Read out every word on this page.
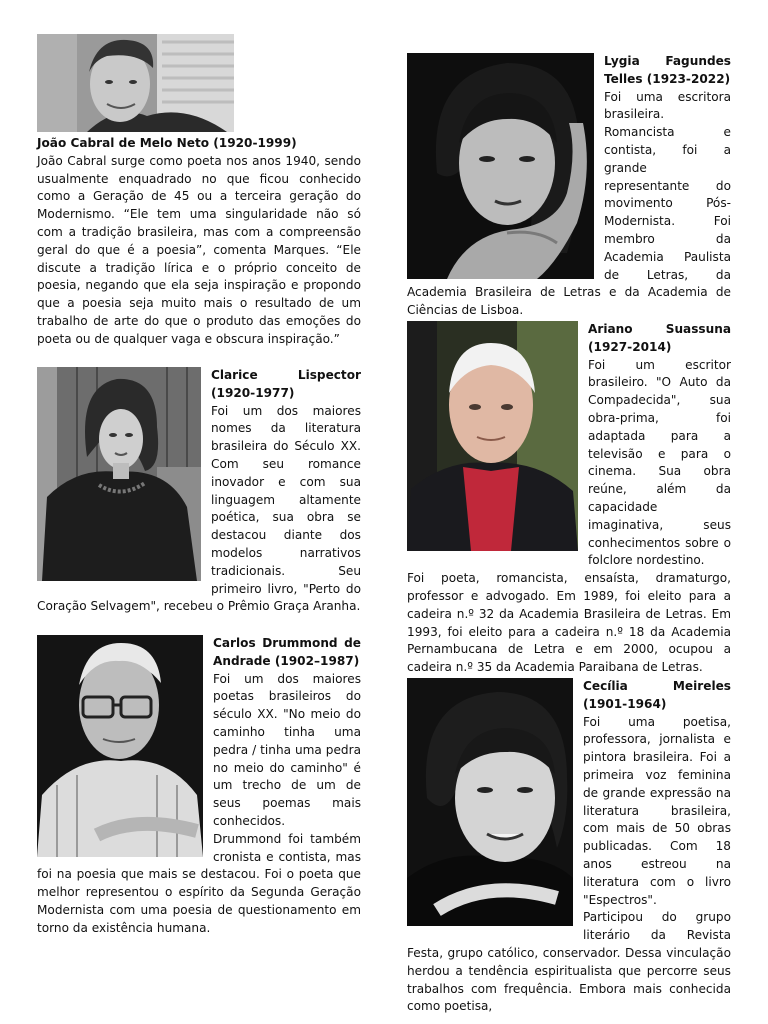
João Cabral de Melo Neto (1920-1999)

João Cabral surge como poeta nos anos 1940, sendo usualmente enquadrado no que ficou conhecido como a Geração de 45 ou a terceira geração do Modernismo. “Ele tem uma singularidade não só com a tradição brasileira, mas com a compreensão geral do que é a poesia”, comenta Marques. “Ele discute a tradição lírica e o próprio conceito de poesia, negando que ela seja inspiração e propondo que a poesia seja muito mais o resultado de um trabalho de arte do que o produto das emoções do poeta ou de qualquer vaga e obscura inspiração.”

Clarice Lispector (1920-1977)

Foi um dos maiores nomes da literatura brasileira do Século XX. Com seu romance inovador e com sua linguagem altamente poética, sua obra se destacou diante dos modelos narrativos tradicionais. Seu primeiro livro, "Perto do Coração Selvagem", recebeu o Prêmio Graça Aranha.

Carlos Drummond de Andrade (1902–1987)

Foi um dos maiores poetas brasileiros do século XX. "No meio do caminho tinha uma pedra / tinha uma pedra no meio do caminho" é um trecho de um de seus poemas mais conhecidos.

Drummond foi também cronista e contista, mas foi na poesia que mais se destacou. Foi o poeta que melhor representou o espírito da Segunda Geração Modernista com uma poesia de questionamento em torno da existência humana.

Lygia Fagundes Telles (1923-2022)

Foi uma escritora brasileira. Romancista e contista, foi a grande representante do movimento Pós-Modernista. Foi membro da Academia Paulista de Letras, da Academia Brasileira de Letras e da Academia de Ciências de Lisboa.

Ariano Suassuna (1927-2014)

Foi um escritor brasileiro. "O Auto da Compadecida", sua obra-prima, foi adaptada para a televisão e para o cinema. Sua obra reúne, além da capacidade imaginativa, seus conhecimentos sobre o folclore nordestino.

Foi poeta, romancista, ensaísta, dramaturgo, professor e advogado. Em 1989, foi eleito para a cadeira n.º 32 da Academia Brasileira de Letras. Em 1993, foi eleito para a cadeira n.º 18 da Academia Pernambucana de Letra e em 2000, ocupou a cadeira n.º 35 da Academia Paraibana de Letras.

Cecília Meireles (1901-1964)

Foi uma poetisa, professora, jornalista e pintora brasileira. Foi a primeira voz feminina de grande expressão na literatura brasileira, com mais de 50 obras publicadas. Com 18 anos estreou na literatura com o livro "Espectros".

Participou do grupo literário da Revista Festa, grupo católico, conservador. Dessa vinculação herdou a tendência espiritualista que percorre seus trabalhos com frequência. Embora mais conhecida como poetisa,
